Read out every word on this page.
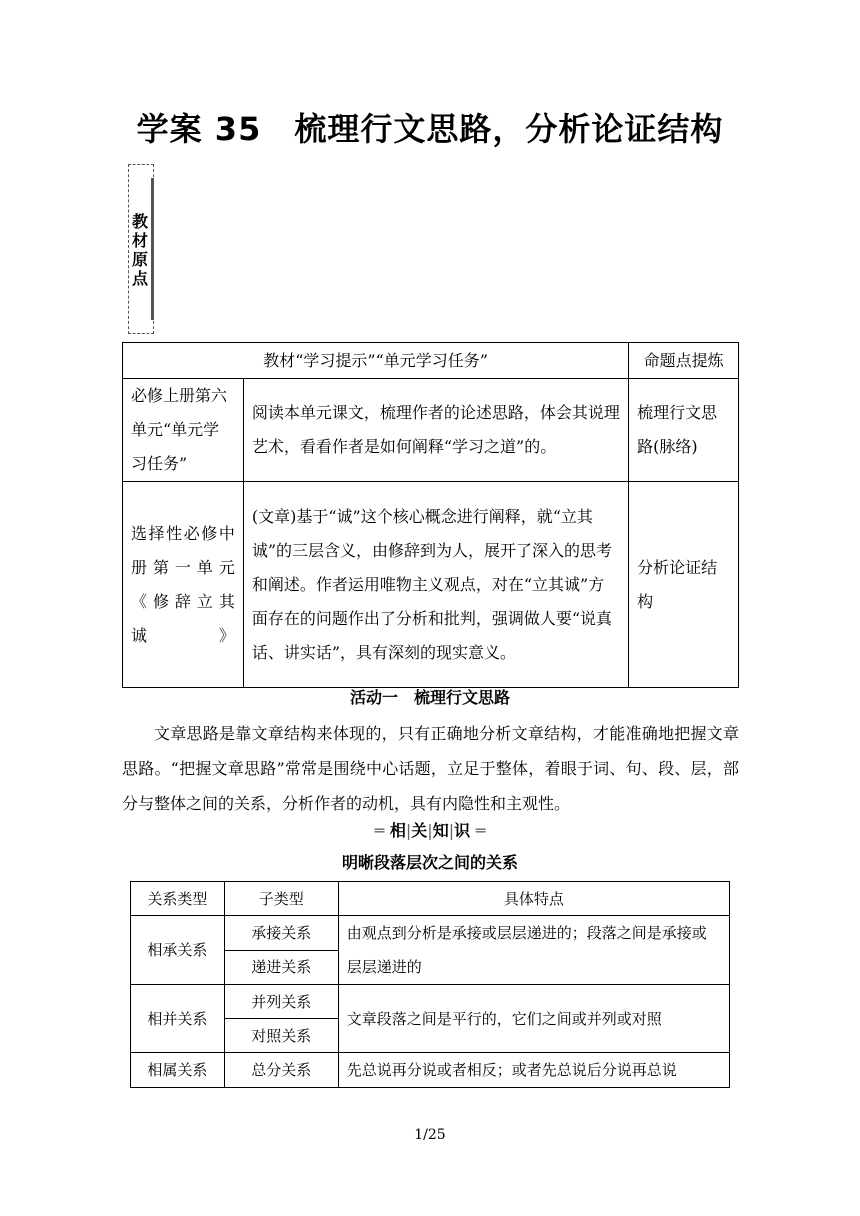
学案 35　梳理行文思路，分析论证结构
教材原点
教材“学习提示”“单元学习任务”		命题点提炼
必修上册第六单元“单元学习任务”	阅读本单元课文，梳理作者的论述思路，体会其说理艺术，看看作者是如何阐释“学习之道”的。	梳理行文思路(脉络)
选择性必修中册第一单元《修辞立其诚》	(文章)基于“诚”这个核心概念进行阐释，就“立其诚”的三层含义，由修辞到为人，展开了深入的思考和阐述。作者运用唯物主义观点，对在“立其诚”方面存在的问题作出了分析和批判，强调做人要“说真话、讲实话”，具有深刻的现实意义。	分析论证结构
活动一　梳理行文思路
文章思路是靠文章结构来体现的，只有正确地分析文章结构，才能准确地把握文章思路。“把握文章思路”常常是围绕中心话题，立足于整体，着眼于词、句、段、层，部分与整体之间的关系，分析作者的动机，具有内隐性和主观性。
═ 相|关|知|识 ═
明晰段落层次之间的关系
关系类型	子类型	具体特点
相承关系	承接关系	由观点到分析是承接或层层递进的；段落之间是承接或层层递进的
	递进关系	
相并关系	并列关系	文章段落之间是平行的，它们之间或并列或对照
	对照关系	
相属关系	总分关系	先总说再分说或者相反；或者先总说后分说再总说
1/25
